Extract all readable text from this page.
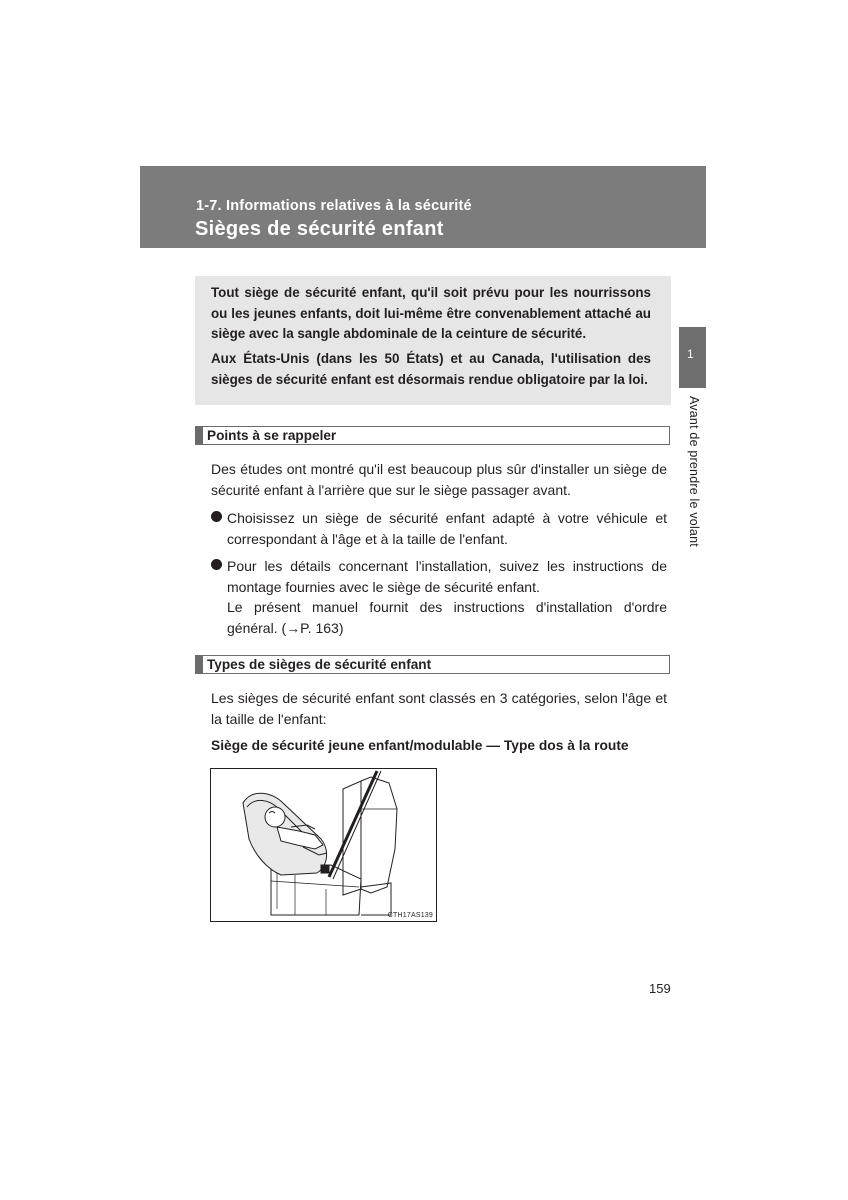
1-7. Informations relatives à la sécurité
Sièges de sécurité enfant

Tout siège de sécurité enfant, qu'il soit prévu pour les nourrissons ou les jeunes enfants, doit lui-même être convenablement attaché au siège avec la sangle abdominale de la ceinture de sécurité.

Aux États-Unis (dans les 50 États) et au Canada, l'utilisation des sièges de sécurité enfant est désormais rendue obligatoire par la loi.

1
Avant de prendre le volant
Points à se rappeler

Des études ont montré qu'il est beaucoup plus sûr d'installer un siège de sécurité enfant à l'arrière que sur le siège passager avant.

Choisissez un siège de sécurité enfant adapté à votre véhicule et correspondant à l'âge et à la taille de l'enfant.
Pour les détails concernant l'installation, suivez les instructions de montage fournies avec le siège de sécurité enfant.
Le présent manuel fournit des instructions d'installation d'ordre général. (→P. 163)
Types de sièges de sécurité enfant

Les sièges de sécurité enfant sont classés en 3 catégories, selon l'âge et la taille de l'enfant:

Siège de sécurité jeune enfant/modulable — Type dos à la route
CTH17AS139
159
